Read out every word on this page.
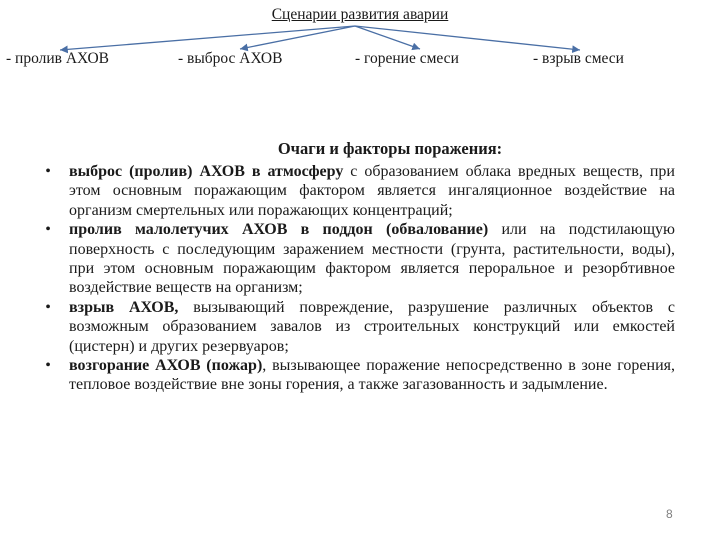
Сценарии развития аварии
- пролив АХОВ	- выброс АХОВ	- горение смеси	- взрыв смеси
Очаги и факторы поражения:
• выброс (пролив) АХОВ в атмосферу с образованием облака вредных веществ, при этом основным поражающим фактором является ингаляционное воздействие на организм смертельных или поражающих концентраций;
• пролив малолетучих АХОВ в поддон (обвалование) или на подстилающую поверхность с последующим заражением местности (грунта, растительности, воды), при этом основным поражающим фактором является пероральное и резорбтивное воздействие веществ на организм;
• взрыв АХОВ, вызывающий повреждение, разрушение различных объектов с возможным образованием завалов из строительных конструкций или емкостей (цистерн) и других резервуаров;
• возгорание АХОВ (пожар), вызывающее поражение непосредственно в зоне горения, тепловое воздействие вне зоны горения, а также загазованность и задымление.
8
